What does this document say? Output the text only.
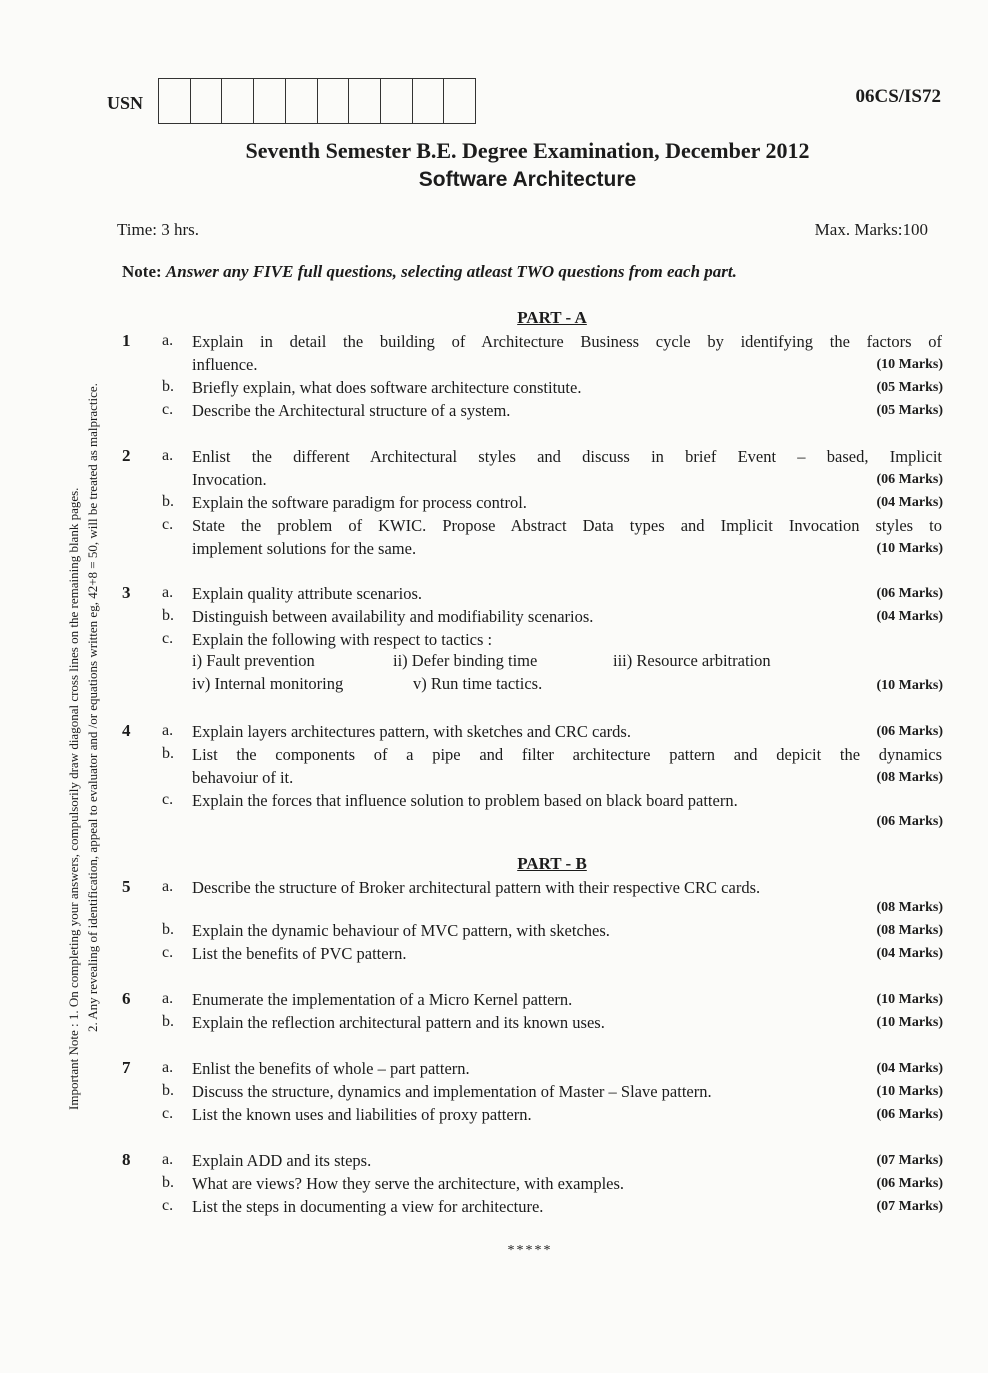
USN	06CS/IS72
Seventh Semester B.E. Degree Examination, December 2012
Software Architecture
Time: 3 hrs.	Max. Marks:100
Note: Answer any FIVE full questions, selecting atleast TWO questions from each part.
Important Note : 1. On completing your answers, compulsorily draw diagonal cross lines on the remaining blank pages. 2. Any revealing of identification, appeal to evaluator and /or equations written eg, 42+8 = 50, will be treated as malpractice.
PART - A
1 a. Explain in detail the building of Architecture Business cycle by identifying the factors of
influence.	(10 Marks)
b. Briefly explain, what does software architecture constitute.	(05 Marks)
c. Describe the Architectural structure of a system.	(05 Marks)
2 a. Enlist the different Architectural styles and discuss in brief Event – based, Implicit
Invocation.	(06 Marks)
b. Explain the software paradigm for process control.	(04 Marks)
c. State the problem of KWIC. Propose Abstract Data types and Implicit Invocation styles to
implement solutions for the same.	(10 Marks)
3 a. Explain quality attribute scenarios.	(06 Marks)
b. Distinguish between availability and modifiability scenarios.	(04 Marks)
c. Explain the following with respect to tactics :
i) Fault prevention	ii) Defer binding time	iii) Resource arbitration
iv) Internal monitoring	v) Run time tactics.	(10 Marks)
4 a. Explain layers architectures pattern, with sketches and CRC cards.	(06 Marks)
b. List the components of a pipe and filter architecture pattern and depicit the dynamics
behavoiur of it.	(08 Marks)
c. Explain the forces that influence solution to problem based on black board pattern.
(06 Marks)
PART - B
5 a. Describe the structure of Broker architectural pattern with their respective CRC cards.
(08 Marks)
b. Explain the dynamic behaviour of MVC pattern, with sketches.	(08 Marks)
c. List the benefits of PVC pattern.	(04 Marks)
6 a. Enumerate the implementation of a Micro Kernel pattern.	(10 Marks)
b. Explain the reflection architectural pattern and its known uses.	(10 Marks)
7 a. Enlist the benefits of whole – part pattern.	(04 Marks)
b. Discuss the structure, dynamics and implementation of Master – Slave pattern.	(10 Marks)
c. List the known uses and liabilities of proxy pattern.	(06 Marks)
8 a. Explain ADD and its steps.	(07 Marks)
b. What are views? How they serve the architecture, with examples.	(06 Marks)
c. List the steps in documenting a view for architecture.	(07 Marks)
*****
